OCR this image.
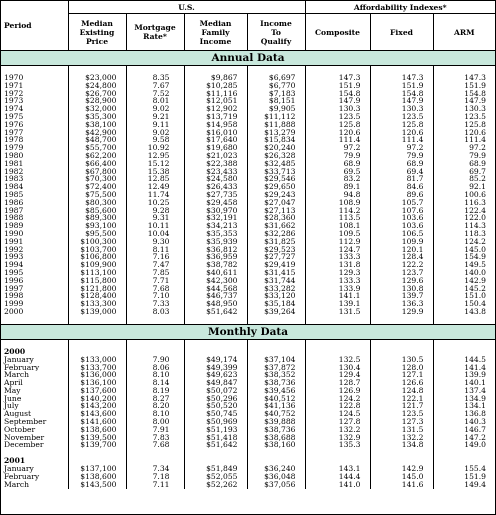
Period	U.S.				Affordability Indexes*		
	Median
Existing
Price	Mortgage
Rate*	Median
Family
Income	Income
To
Qualify	Composite	Fixed	ARM
Annual Data							

1970	$23,000	8.35	$9,867	$6,697	147.3	147.3	147.3
1971	$24,800	7.67	$10,285	$6,770	151.9	151.9	151.9
1972	$26,700	7.52	$11,116	$7,183	154.8	154.8	154.8
1973	$28,900	8.01	$12,051	$8,151	147.9	147.9	147.9
1974	$32,000	9.02	$12,902	$9,905	130.3	130.3	130.3
1975	$35,300	9.21	$13,719	$11,112	123.5	123.5	123.5
1976	$38,100	9.11	$14,958	$11,888	125.8	125.8	125.8
1977	$42,900	9.02	$16,010	$13,279	120.6	120.6	120.6
1978	$48,700	9.58	$17,640	$15,834	111.4	111.4	111.4
1979	$55,700	10.92	$19,680	$20,240	97.2	97.2	97.2
1980	$62,200	12.95	$21,023	$26,328	79.9	79.9	79.9
1981	$66,400	15.12	$22,388	$32,485	68.9	68.9	68.9
1982	$67,800	15.38	$23,433	$33,713	69.5	69.4	69.7
1983	$70,300	12.85	$24,580	$29,546	83.2	81.7	85.2
1984	$72,400	12.49	$26,433	$29,650	89.1	84.6	92.1
1985	$75,500	11.74	$27,735	$29,243	94.8	89.6	100.6
1986	$80,300	10.25	$29,458	$27,047	108.9	105.7	116.3
1987	$85,600	9.28	$30,970	$27,113	114.2	107.6	122.4
1988	$89,300	9.31	$32,191	$28,360	113.5	103.6	122.0
1989	$93,100	10.11	$34,213	$31,662	108.1	103.6	114.3
1990	$95,500	10.04	$35,353	$32,286	109.5	106.5	118.3
1991	$100,300	9.30	$35,939	$31,825	112.9	109.9	124.2
1992	$103,700	8.11	$36,812	$29,523	124.7	120.1	145.0
1993	$106,800	7.16	$36,959	$27,727	133.3	128.4	154.9
1994	$109,900	7.47	$38,782	$29,419	131.8	122.2	149.5
1995	$113,100	7.85	$40,611	$31,415	129.3	123.7	140.0
1996	$115,800	7.71	$42,300	$31,744	133.3	129.6	142.9
1997	$121,800	7.68	$44,568	$33,282	133.9	130.8	145.2
1998	$128,400	7.10	$46,737	$33,120	141.1	139.7	151.0
1999	$133,300	7.33	$48,950	$35,184	139.1	136.3	150.4
2000	$139,000	8.03	$51,642	$39,264	131.5	129.9	143.8

Monthly Data							

2000							
January	$133,000	7.90	$49,174	$37,104	132.5	130.5	144.5
February	$133,700	8.06	$49,399	$37,872	130.4	128.0	141.4
March	$136,000	8.10	$49,623	$38,352	129.4	127.1	139.9
April	$136,100	8.14	$49,847	$38,736	128.7	126.6	140.1
May	$137,600	8.19	$50,072	$39,456	126.9	124.8	137.4
June	$140,200	8.27	$50,296	$40,512	124.2	122.1	134.9
July	$143,200	8.20	$50,520	$41,136	122.8	121.7	134.1
August	$143,600	8.10	$50,745	$40,752	124.5	123.5	136.8
September	$141,600	8.00	$50,969	$39,888	127.8	127.3	140.3
October	$138,600	7.91	$51,193	$38,736	132.2	131.5	146.7
November	$139,500	7.83	$51,418	$38,688	132.9	132.2	147.2
December	$139,700	7.68	$51,642	$38,160	135.3	134.8	149.0

2001							
January	$137,100	7.34	$51,849	$36,240	143.1	142.9	155.4
February	$138,600	7.18	$52,055	$36,048	144.4	145.0	151.9
March	$143,500	7.11	$52,262	$37,056	141.0	141.6	149.4
